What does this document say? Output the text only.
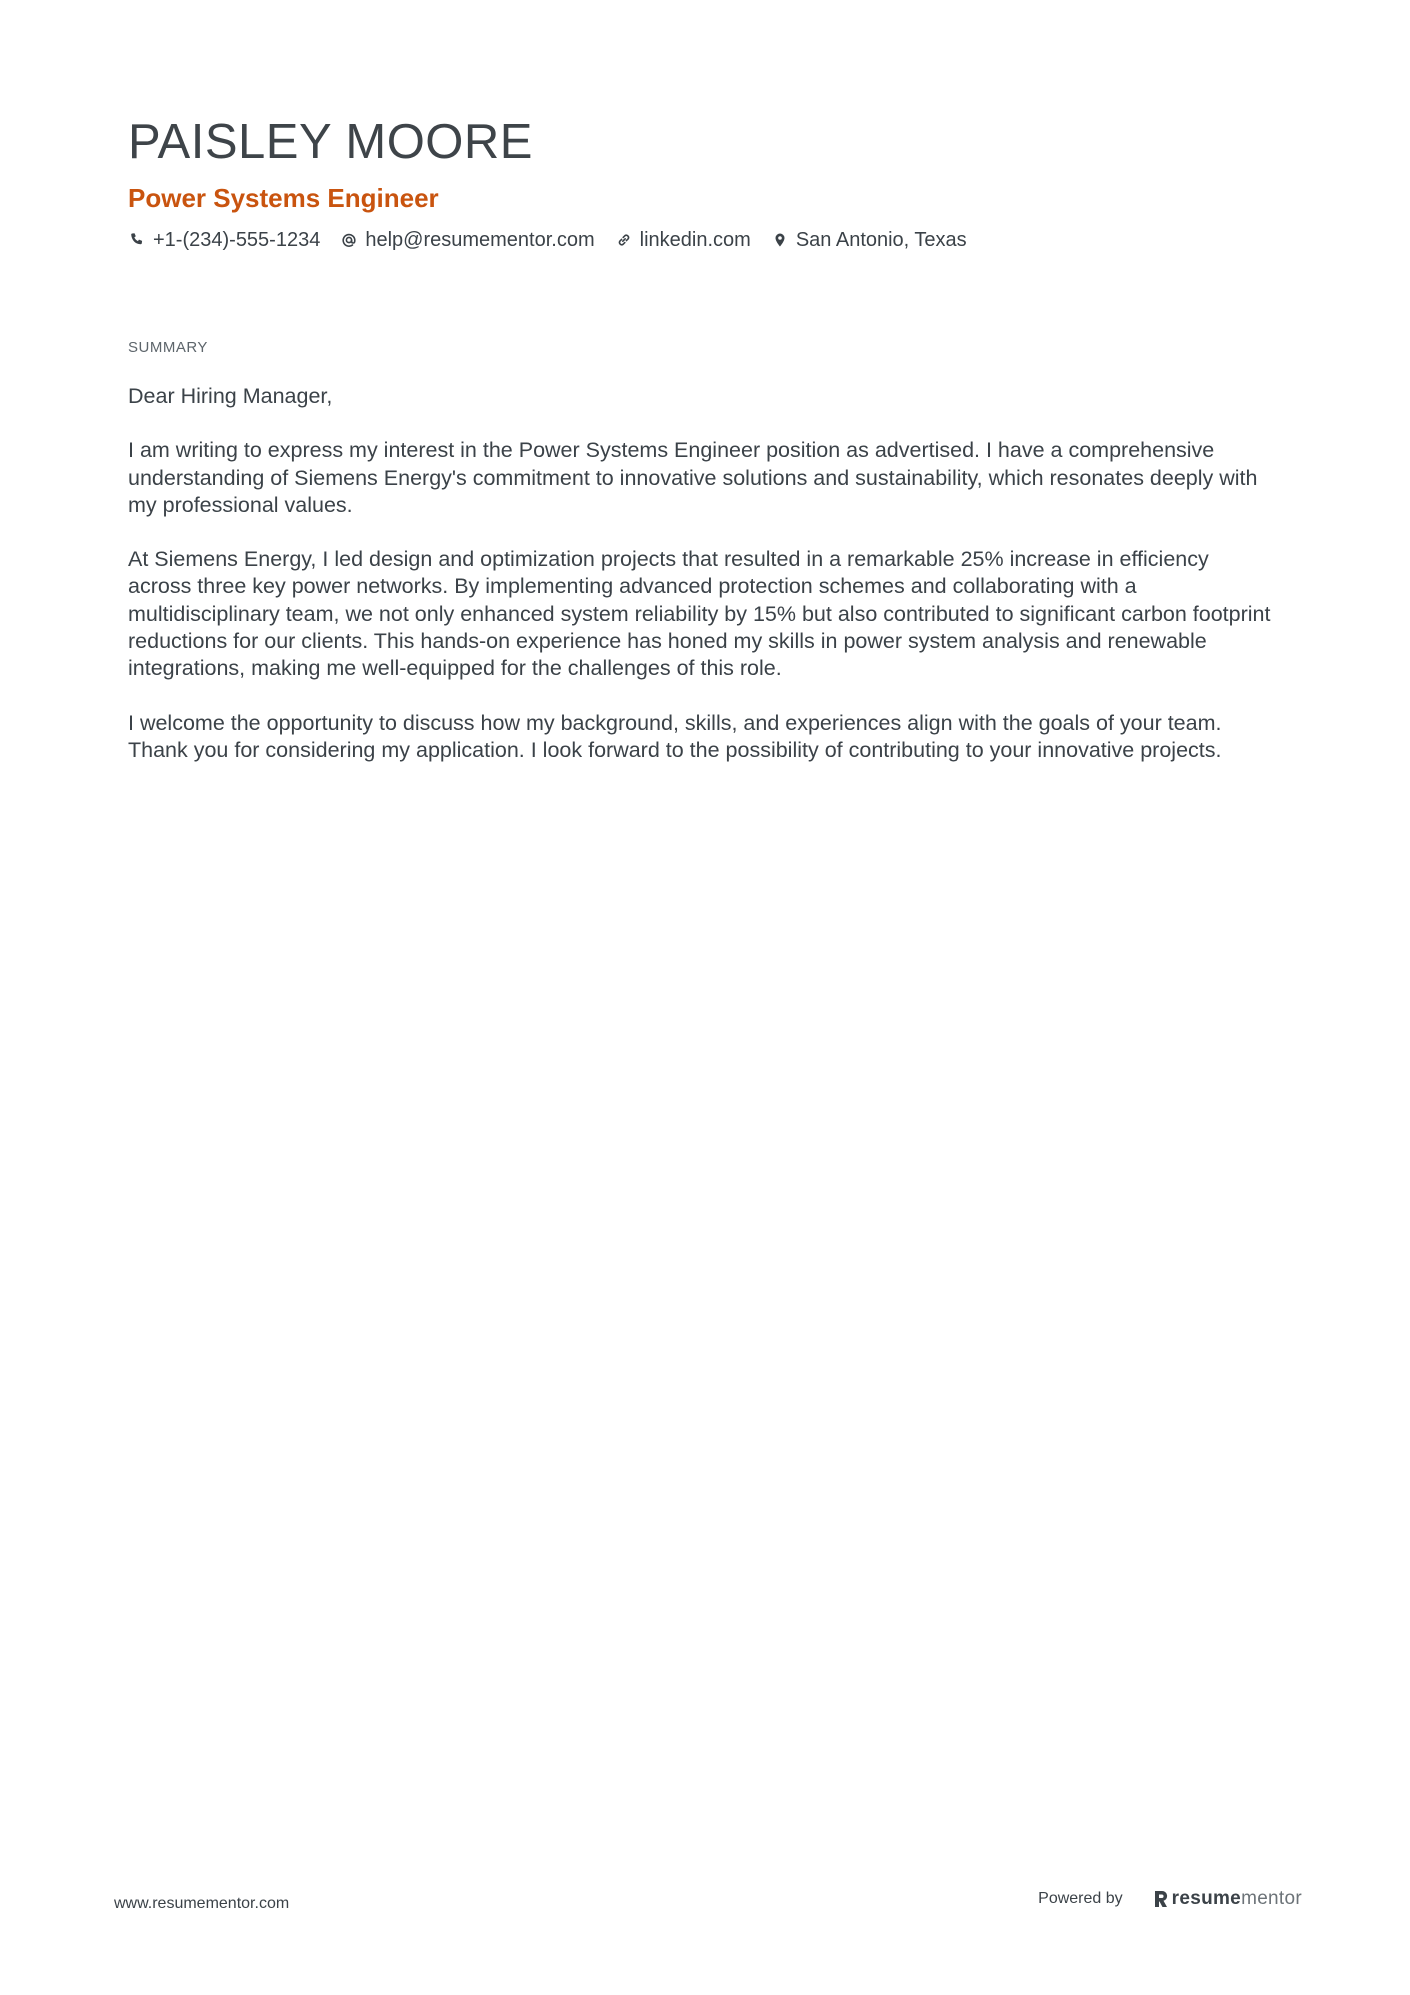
PAISLEY MOORE
Power Systems Engineer
+1-(234)-555-1234 help@resumementor.com linkedin.com San Antonio, Texas
SUMMARY

Dear Hiring Manager,

I am writing to express my interest in the Power Systems Engineer position as advertised. I have a comprehensive understanding of Siemens Energy's commitment to innovative solutions and sustainability, which resonates deeply with my professional values.

At Siemens Energy, I led design and optimization projects that resulted in a remarkable 25% increase in efficiency across three key power networks. By implementing advanced protection schemes and collaborating with a multidisciplinary team, we not only enhanced system reliability by 15% but also contributed to significant carbon footprint reductions for our clients. This hands-on experience has honed my skills in power system analysis and renewable integrations, making me well-equipped for the challenges of this role.

I welcome the opportunity to discuss how my background, skills, and experiences align with the goals of your team. Thank you for considering my application. I look forward to the possibility of contributing to your innovative projects.

www.resumementor.com	Powered by	resume mentor
